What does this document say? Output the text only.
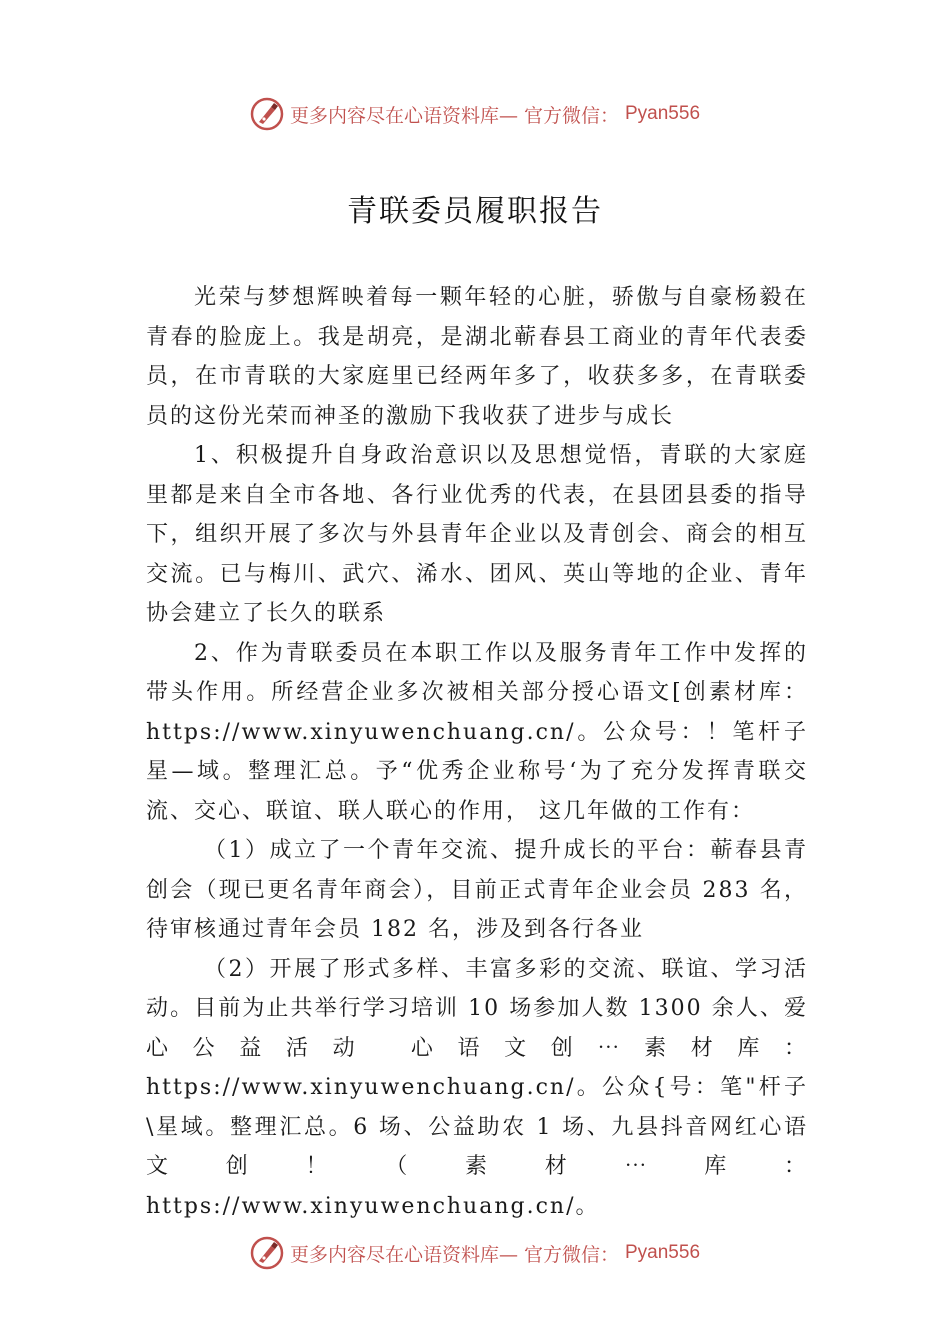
更多内容尽在心语资料库— 官方微信： Pyan556
青联委员履职报告

光荣与梦想辉映着每一颗年轻的心脏，骄傲与自豪杨毅在青春的脸庞上。我是胡亮，是湖北蕲春县工商业的青年代表委员，在市青联的大家庭里已经两年多了，收获多多，在青联委员的这份光荣而神圣的激励下我收获了进步与成长

1、积极提升自身政治意识以及思想觉悟，青联的大家庭里都是来自全市各地、各行业优秀的代表，在县团县委的指导下，组织开展了多次与外县青年企业以及青创会、商会的相互交流。已与梅川、武穴、浠水、团风、英山等地的企业、青年协会建立了长久的联系

2、作为青联委员在本职工作以及服务青年工作中发挥的带头作用。所经营企业多次被相关部分授心语文[创素材库：https://www.xinyuwenchuang.cn/。公众号：！笔杆子星—域。整理汇总。予“优秀企业称号‘为了充分发挥青联交流、交心、联谊、联人联心的作用， 这几年做的工作有：

（1）成立了一个青年交流、提升成长的平台：蕲春县青创会（现已更名青年商会），目前正式青年企业会员 283 名，待审核通过青年会员 182 名，涉及到各行各业

（2）开展了形式多样、丰富多彩的交流、联谊、学习活动。目前为止共举行学习培训 10 场参加人数 1300 余人、爱心公益活动 心语文创⋯素材库：https://www.xinyuwenchuang.cn/。公众{号：笔"杆子\星域。整理汇总。6 场、公益助农 1 场、九县抖音网红心语文创！（素材⋯库：https://www.xinyuwenchuang.cn/。

更多内容尽在心语资料库— 官方微信： Pyan556
